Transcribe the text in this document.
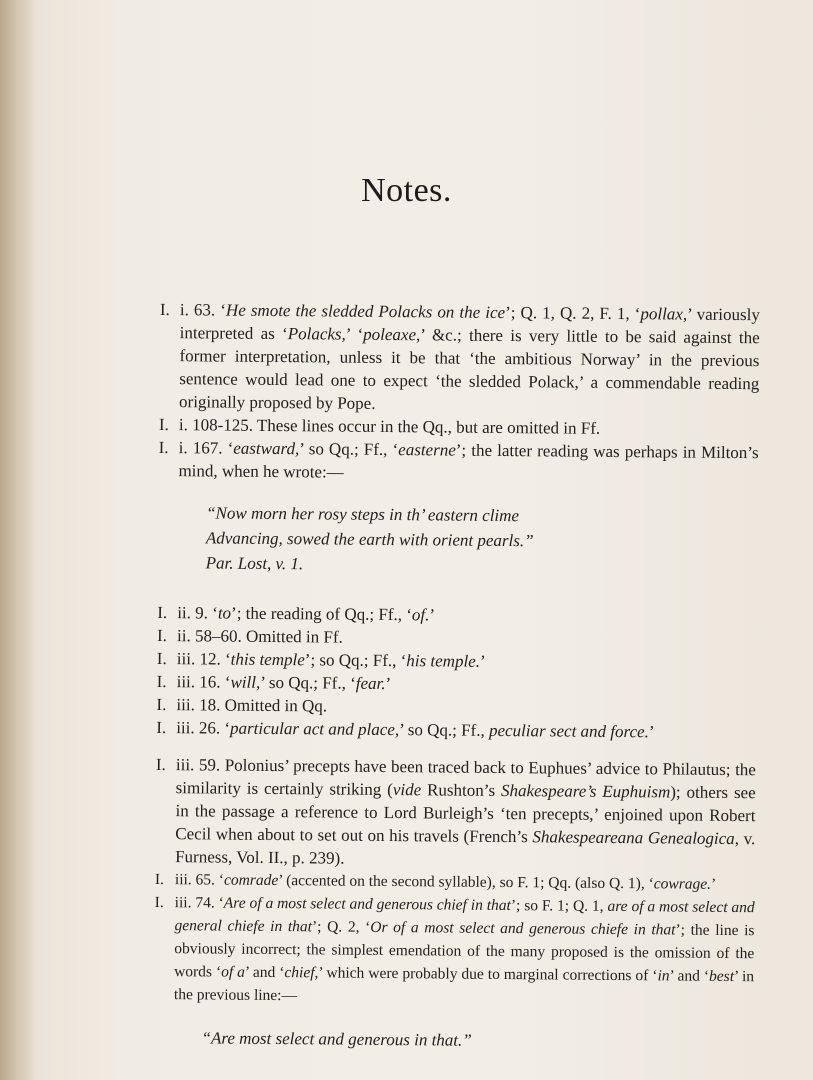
Notes.
I. i. 63. ‘He smote the sledded Polacks on the ice’; Q. 1, Q. 2, F. 1, ‘pollax,’ variously interpreted as ‘Polacks,’ ‘poleaxe,’ &c.; there is very little to be said against the former interpretation, unless it be that ‘the ambitious Norway’ in the previous sentence would lead one to expect ‘the sledded Polack,’ a commendable reading originally proposed by Pope.
I. i. 108-125. These lines occur in the Qq., but are omitted in Ff.
I. i. 167. ‘eastward,’ so Qq.; Ff., ‘easterne’; the latter reading was perhaps in Milton’s mind, when he wrote:—
“Now morn her rosy steps in th’ eastern clime
Advancing, sowed the earth with orient pearls.”
Par. Lost, v. 1.
I. ii. 9. ‘to’; the reading of Qq.; Ff., ‘of.’
I. ii. 58–60. Omitted in Ff.
I. iii. 12. ‘this temple’; so Qq.; Ff., ‘his temple.’
I. iii. 16. ‘will,’ so Qq.; Ff., ‘fear.’
I. iii. 18. Omitted in Qq.
I. iii. 26. ‘particular act and place,’ so Qq.; Ff., peculiar sect and force.’
I. iii. 59. Polonius’ precepts have been traced back to Euphues’ advice to Philautus; the similarity is certainly striking (vide Rushton’s Shakespeare’s Euphuism); others see in the passage a reference to Lord Burleigh’s ‘ten precepts,’ enjoined upon Robert Cecil when about to set out on his travels (French’s Shakespeareana Genealogica, v. Furness, Vol. II., p. 239).
I. iii. 65. ‘comrade’ (accented on the second syllable), so F. 1; Qq. (also Q. 1), ‘cowrage.’
I. iii. 74. ‘Are of a most select and generous chief in that’; so F. 1; Q. 1, are of a most select and general chiefe in that’; Q. 2, ‘Or of a most select and generous chiefe in that’; the line is obviously incorrect; the simplest emendation of the many proposed is the omission of the words ‘of a’ and ‘chief,’ which were probably due to marginal corrections of ‘in’ and ‘best’ in the previous line:—
“Are most select and generous in that.”
